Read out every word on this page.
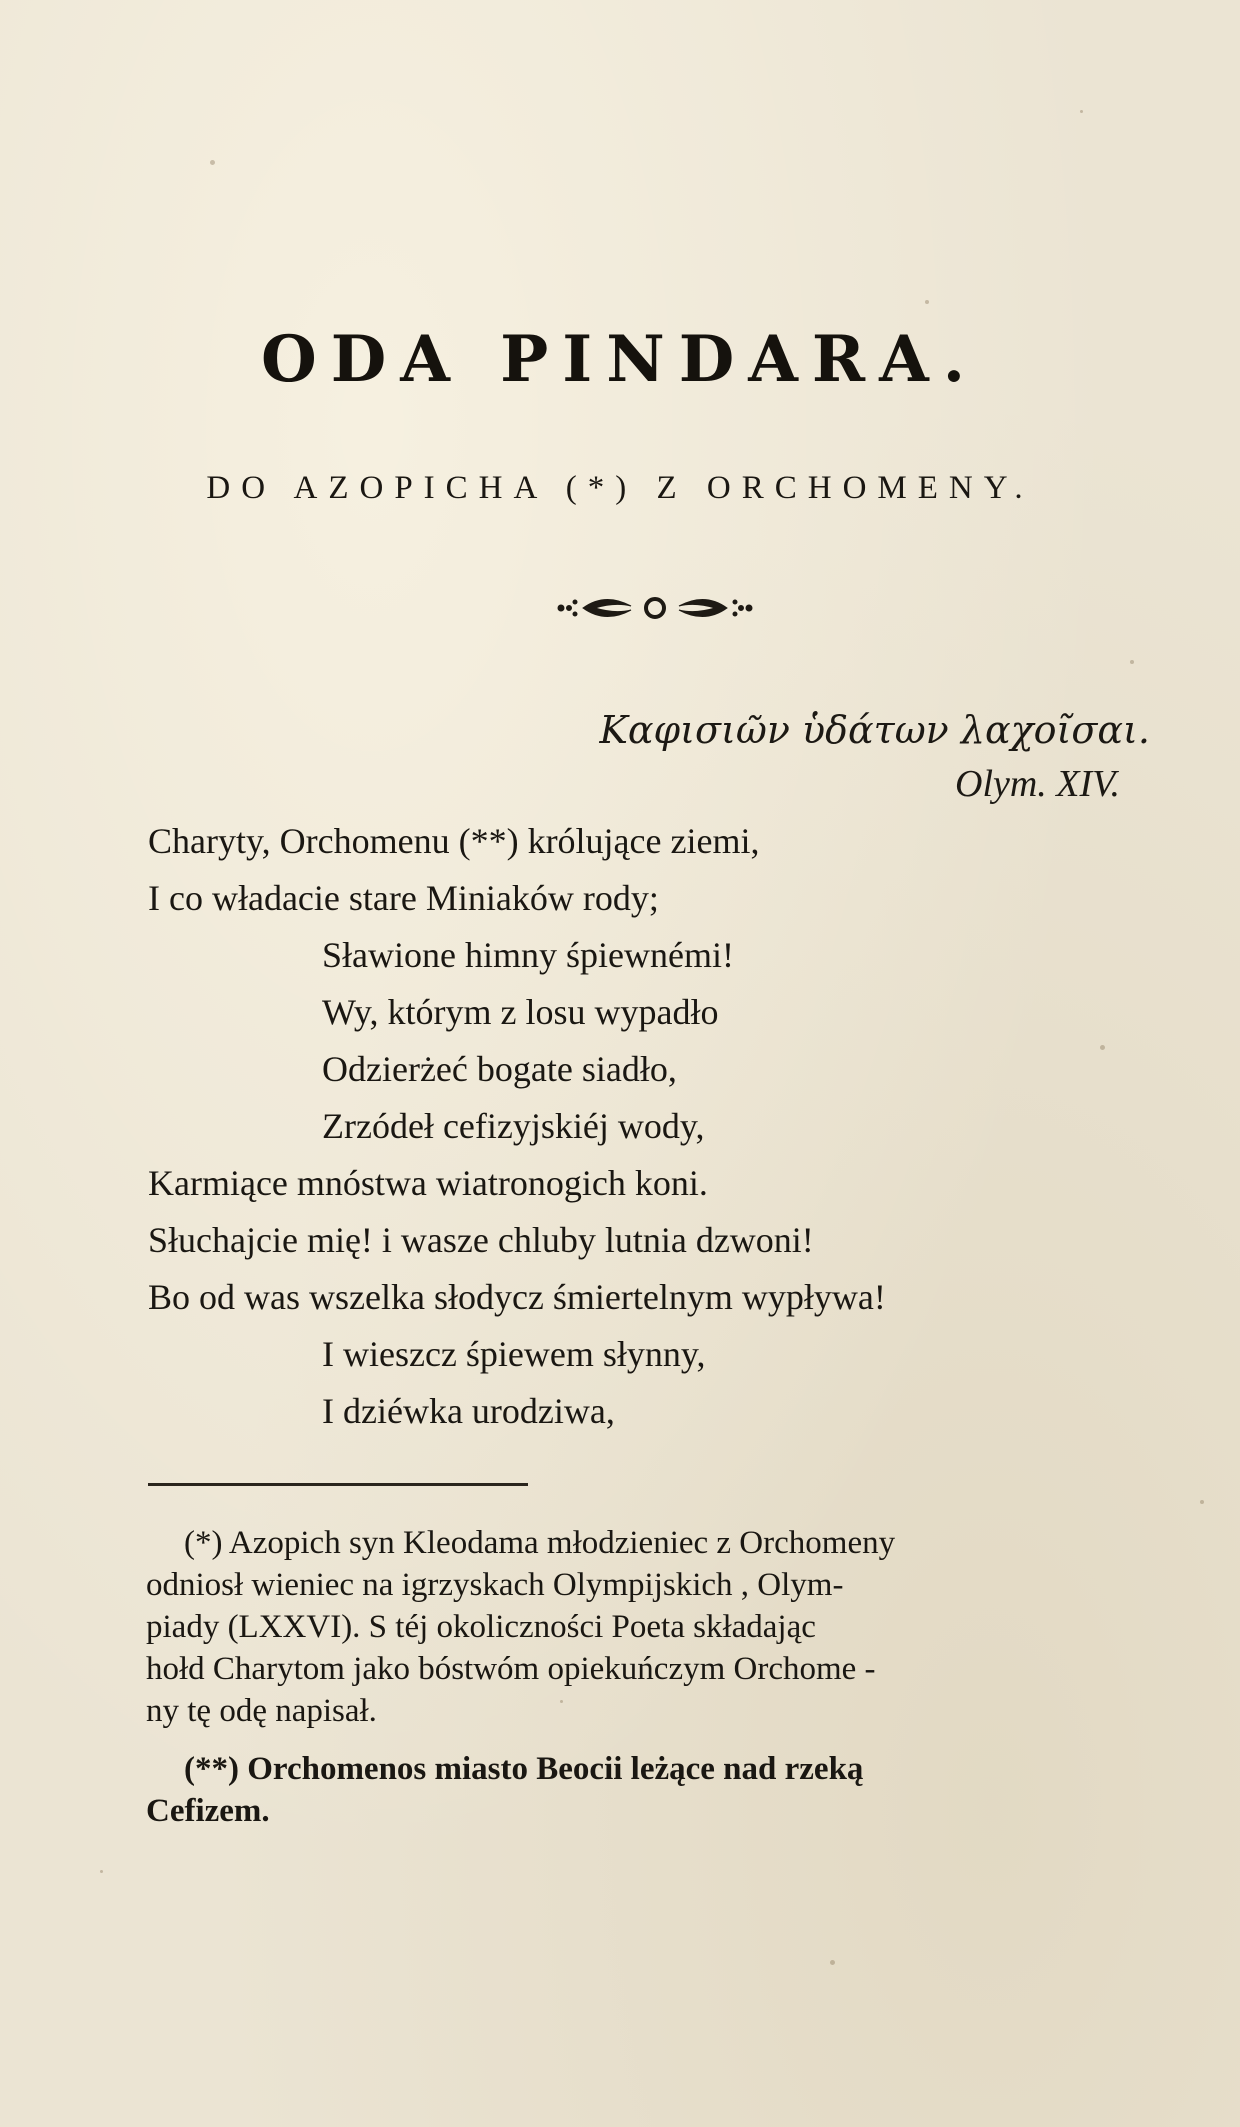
ODA PINDARA.
DO AZOPICHA (*) Z ORCHOMENY.
Καφισιῶν ὑδάτων λαχοῖσαι.
Olym. XIV.
Charyty, Orchomenu (**) królujące ziemi,
I co władacie stare Miniaków rody;
Sławione himny śpiewnémi!
Wy, którym z losu wypadło
Odzierżeć bogate siadło,
Zrzódeł cefizyjskiéj wody,
Karmiące mnóstwa wiatronogich koni.
Słuchajcie mię! i wasze chluby lutnia dzwoni!
Bo od was wszelka słodycz śmiertelnym wypływa!
I wieszcz śpiewem słynny,
I dziéwka urodziwa,
(*) Azopich syn Kleodama młodzieniec z Orchomeny
odniosł wieniec na igrzyskach Olympijskich , Olym-
piady (LXXVI). S téj okoliczności Poeta składając
hołd Charytom jako bóstwóm opiekuńczym Orchome -
ny tę odę napisał.
(**) Orchomenos miasto Beocii leżące nad rzeką
Cefizem.
